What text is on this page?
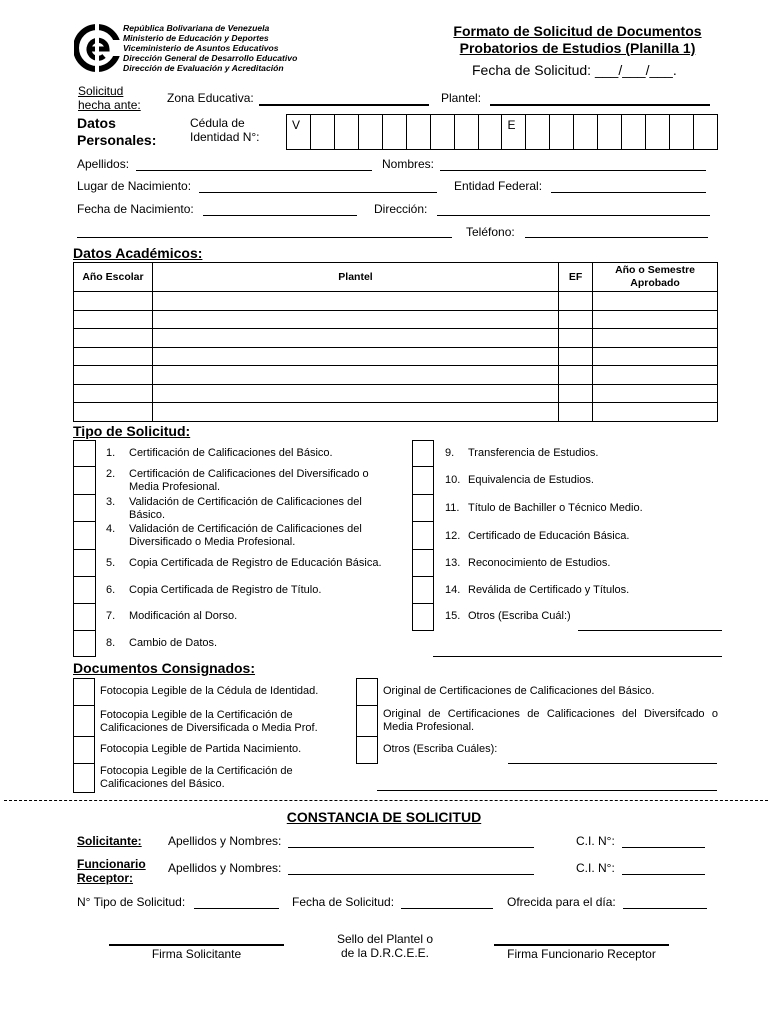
República Bolivariana de Venezuela
Ministerio de Educación y Deportes
Viceministerio de Asuntos Educativos
Dirección General de Desarrollo Educativo
Dirección de Evaluación y Acreditación
Formato de Solicitud de Documentos
Probatorios de Estudios (Planilla 1)
Fecha de Solicitud: ___/___/___.
Solicitud
hecha ante: Zona Educativa:	Plantel:
Datos
Personales:
Cédula de
Identidad N°:
V									E								
Apellidos:	Nombres:
Lugar de Nacimiento:	Entidad Federal:
Fecha de Nacimiento:	Dirección:
Teléfono:
Datos Académicos:
Año Escolar	Plantel	EF	Año o Semestre Aprobado

Tipo de Solicitud:
1. Certificación de Calificaciones del Básico.
2. Certificación de Calificaciones del Diversificado o Media Profesional.
3. Validación de Certificación de Calificaciones del Básico.
4. Validación de Certificación de Calificaciones del Diversificado o Media Profesional.
5. Copia Certificada de Registro de Educación Básica.
6. Copia Certificada de Registro de Título.
7. Modificación al Dorso.
8. Cambio de Datos.
9. Transferencia de Estudios.
10. Equivalencia de Estudios.
11. Título de Bachiller o Técnico Medio.
12. Certificado de Educación Básica.
13. Reconocimiento de Estudios.
14. Reválida de Certificado y Títulos.
15. Otros (Escriba Cuál:)
Documentos Consignados:
Fotocopia Legible de la Cédula de Identidad.
Fotocopia Legible de la Certificación de Calificaciones de Diversificada o Media Prof.
Fotocopia Legible de Partida Nacimiento.
Fotocopia Legible de la Certificación de Calificaciones del Básico.
Original de Certificaciones de Calificaciones del Básico.
Original de Certificaciones de Calificaciones del Diversifcado o Media Profesional.
Otros (Escriba Cuáles):
CONSTANCIA DE SOLICITUD
Solicitante: Apellidos y Nombres:	C.I. N°:
Funcionario
Receptor:
Apellidos y Nombres:	C.I. N°:
N° Tipo de Solicitud:	Fecha de Solicitud:	Ofrecida para el día:
Firma Solicitante
Sello del Plantel o
de la D.R.C.E.E.	Firma Funcionario Receptor
